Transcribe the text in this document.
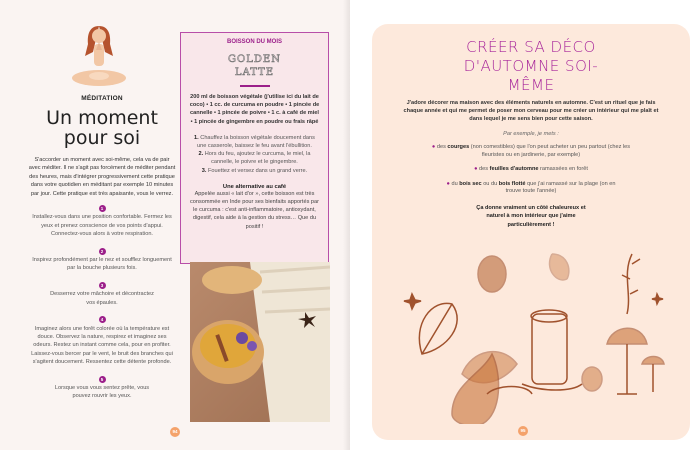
MÉDITATION
Un moment pour soi
S'accorder un moment avec soi-même, cela va de pair avec méditer. Il ne s'agit pas forcément de méditer pendant des heures, mais d'intégrer progressivement cette pratique dans votre quotidien en méditant par exemple 10 minutes par jour. Cette pratique est très apaisante, vous le verrez.
1
Installez-vous dans une position confortable. Fermez les yeux et prenez conscience de vos points d'appui. Connectez-vous alors à votre respiration.
2
Inspirez profondément par le nez et soufflez longuement par la bouche plusieurs fois.
3
Desserrez votre mâchoire et décontractez vos épaules.
4
Imaginez alors une forêt colorée où la température est douce. Observez la nature, respirez et imaginez ses odeurs. Restez un instant comme cela, pour en profiter. Laissez-vous bercer par le vent, le bruit des branches qui s'agitent doucement. Ressentez cette détente profonde.
5
Lorsque vous vous sentez prête, vous pouvez rouvrir les yeux.
BOISSON DU MOIS
GOLDEN LATTE
200 ml de boisson végétale (j'utilise ici du lait de coco) • 1 cc. de curcuma en poudre • 1 pincée de cannelle • 1 pincée de poivre • 1 c. à café de miel • 1 pincée de gingembre en poudre ou frais râpé
1. Chauffez la boisson végétale doucement dans une casserole, baissez le feu avant l'ébullition.
2. Hors du feu, ajoutez le curcuma, le miel, la cannelle, le poivre et le gingembre.
3. Fouettez et versez dans un grand verre.
Une alternative au café
Appelée aussi « lait d'or », cette boisson est très consommée en Inde pour ses bienfaits apportés par le curcuma : c'est anti-inflammatoire, antioxydant, digestif, cela aide à la gestion du stress… Que du positif !
94
CRÉER SA DÉCO D'AUTOMNE SOI-MÊME
J'adore décorer ma maison avec des éléments naturels en automne. C'est un rituel que je fais chaque année et qui me permet de poser mon cerveau pour me créer un intérieur qui me plaît et dans lequel je me sens bien pour cette saison.
Par exemple, je mets :
● des courges (non comestibles) que l'on peut acheter un peu partout (chez les fleuristes ou en jardinerie, par exemple)
● des feuilles d'automne ramassées en forêt
● du bois sec ou du bois flotté que j'ai ramassé sur la plage (on en trouve toute l'année)
Ça donne vraiment un côté chaleureux et naturel à mon intérieur que j'aime particulièrement !
95
